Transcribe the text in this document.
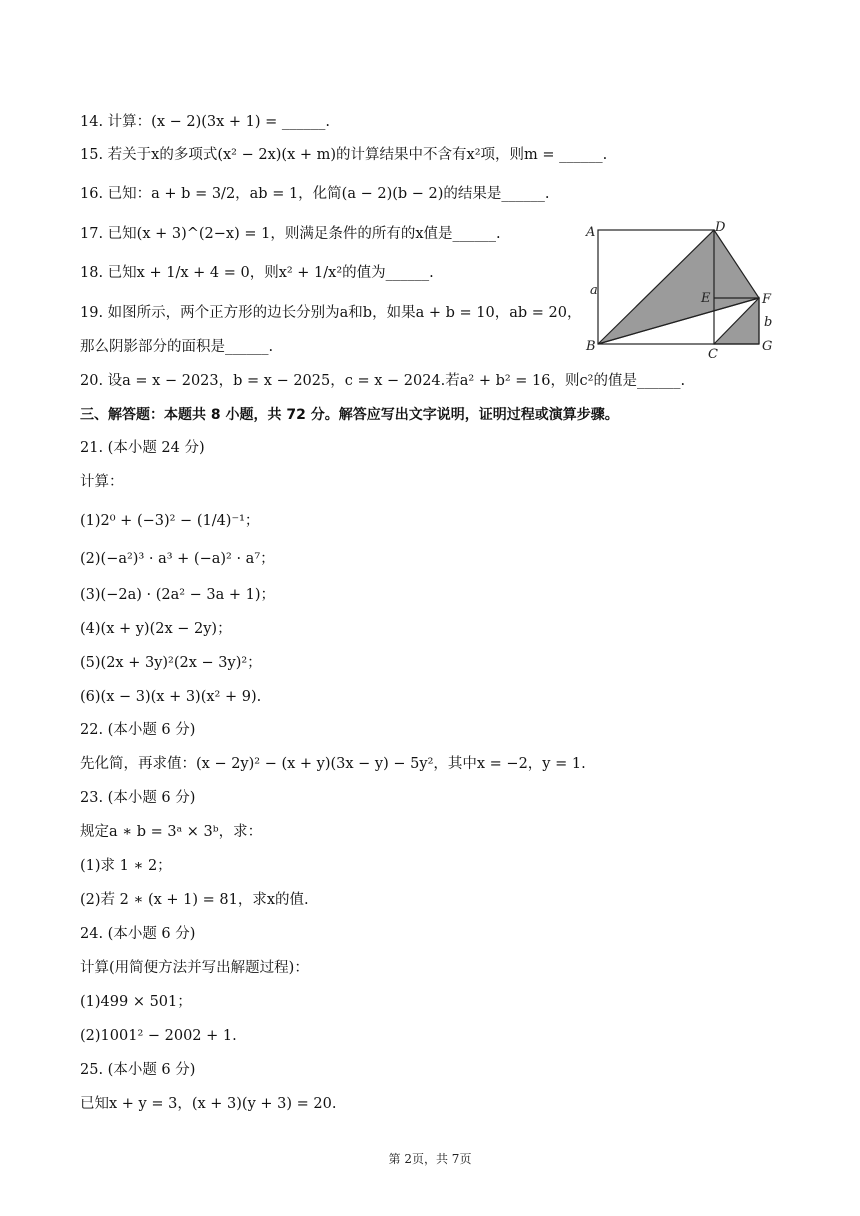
14. 计算：(x − 2)(3x + 1) = ______.
15. 若关于x的多项式(x² − 2x)(x + m)的计算结果中不含有x²项，则m = ______.
16. 已知：a + b = 3/2，ab = 1，化简(a − 2)(b − 2)的结果是______.
17. 已知(x + 3)^(2−x) = 1，则满足条件的所有的x值是______.
18. 已知x + 1/x + 4 = 0，则x² + 1/x²的值为______.
19. 如图所示，两个正方形的边长分别为a和b，如果a + b = 10，ab = 20，
那么阴影部分的面积是______.
20. 设a = x − 2023，b = x − 2025，c = x − 2024.若a² + b² = 16，则c²的值是______.
三、解答题：本题共 8 小题，共 72 分。解答应写出文字说明，证明过程或演算步骤。
21. (本小题 24 分)
计算：
(1)2⁰ + (−3)² − (1/4)⁻¹；
(2)(−a²)³ · a³ + (−a)² · a⁷；
(3)(−2a) · (2a² − 3a + 1)；
(4)(x + y)(2x − 2y)；
(5)(2x + 3y)²(2x − 3y)²；
(6)(x − 3)(x + 3)(x² + 9).
22. (本小题 6 分)
先化简，再求值：(x − 2y)² − (x + y)(3x − y) − 5y²，其中x = −2，y = 1.
23. (本小题 6 分)
规定a ∗ b = 3ᵃ × 3ᵇ，求：
(1)求 1 ∗ 2；
(2)若 2 ∗ (x + 1) = 81，求x的值.
24. (本小题 6 分)
计算(用简便方法并写出解题过程)：
(1)499 × 501；
(2)1001² − 2002 + 1.
25. (本小题 6 分)
已知x + y = 3，(x + 3)(y + 3) = 20.
A
B
C
D
E	F
G
a
b
第 2页，共 7页
